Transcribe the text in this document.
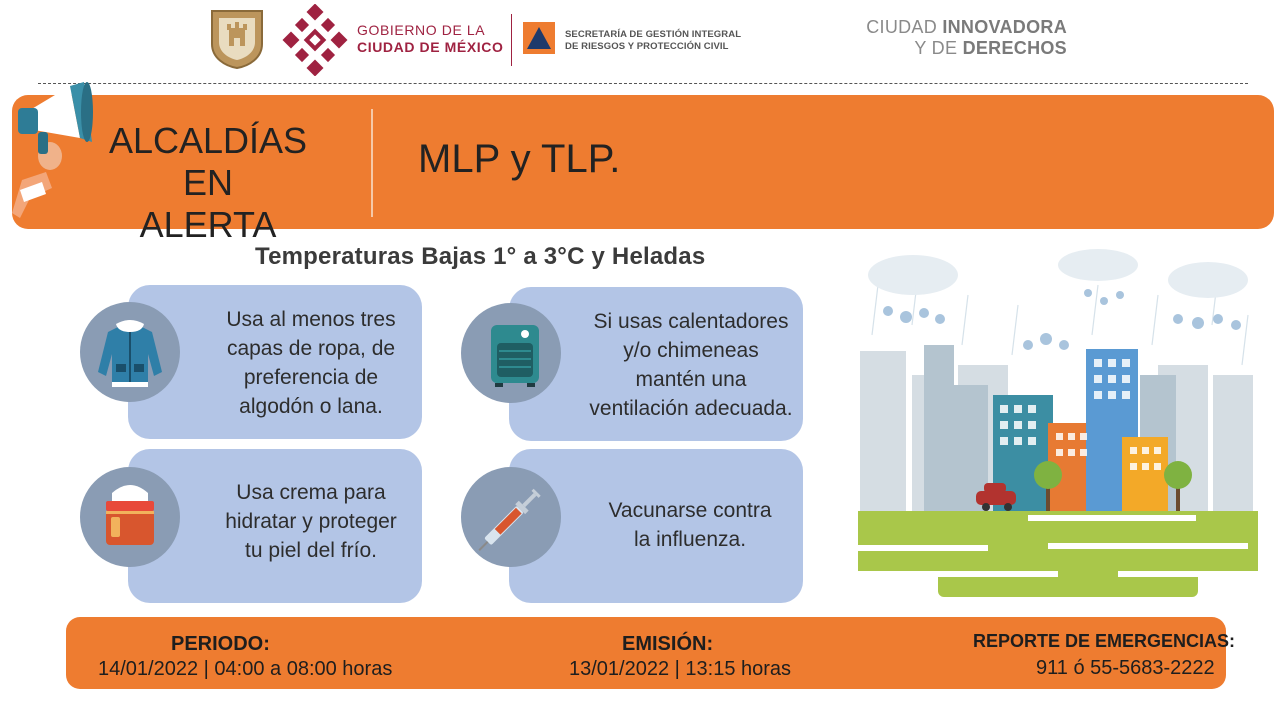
GOBIERNO DE LA
CIUDAD DE MÉXICO
SECRETARÍA DE GESTIÓN INTEGRAL
DE RIESGOS Y PROTECCIÓN CIVIL
CIUDAD INNOVADORA
Y DE DERECHOS
ALCALDÍAS EN
ALERTA
MLP y TLP.
Temperaturas Bajas 1° a 3°C y Heladas
Usa al menos tres
capas de ropa, de
preferencia de
algodón o lana.
Si usas calentadores
y/o chimeneas
mantén una
ventilación adecuada.
Usa crema para
hidratar y proteger
tu piel del frío.
Vacunarse contra
la influenza.
PERIODO:
14/01/2022 | 04:00 a 08:00 horas
EMISIÓN:
13/01/2022 | 13:15 horas
REPORTE DE EMERGENCIAS:
911 ó 55-5683-2222
